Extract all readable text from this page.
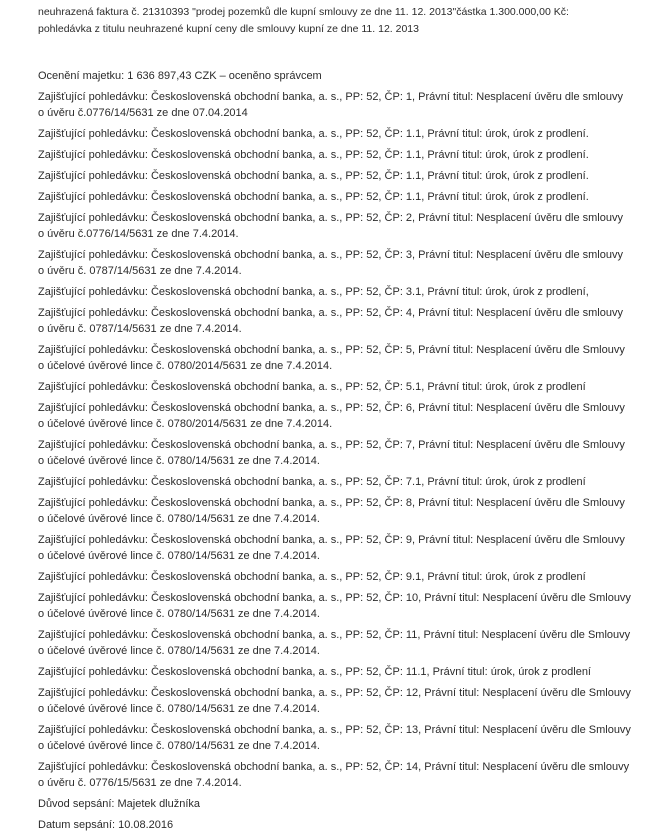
neuhrazená faktura č. 21310393 "prodej pozemků dle kupní smlouvy ze dne 11. 12. 2013"částka 1.300.000,00 Kč:
pohledávka z titulu neuhrazené kupní ceny dle smlouvy kupní ze dne 11. 12. 2013
Ocenění majetku: 1 636 897,43 CZK – oceněno správcem
Zajišťující pohledávku: Československá obchodní banka, a. s., PP: 52, ČP: 1, Právní titul: Nesplacení úvěru dle smlouvy
o úvěru č.0776/14/5631 ze dne 07.04.2014
Zajišťující pohledávku: Československá obchodní banka, a. s., PP: 52, ČP: 1.1, Právní titul: úrok, úrok z prodlení.
Zajišťující pohledávku: Československá obchodní banka, a. s., PP: 52, ČP: 1.1, Právní titul: úrok, úrok z prodlení.
Zajišťující pohledávku: Československá obchodní banka, a. s., PP: 52, ČP: 1.1, Právní titul: úrok, úrok z prodlení.
Zajišťující pohledávku: Československá obchodní banka, a. s., PP: 52, ČP: 1.1, Právní titul: úrok, úrok z prodlení.
Zajišťující pohledávku: Československá obchodní banka, a. s., PP: 52, ČP: 2, Právní titul: Nesplacení úvěru dle smlouvy
o úvěru č.0776/14/5631 ze dne 7.4.2014.
Zajišťující pohledávku: Československá obchodní banka, a. s., PP: 52, ČP: 3, Právní titul: Nesplacení úvěru dle smlouvy
o úvěru č. 0787/14/5631 ze dne 7.4.2014.
Zajišťující pohledávku: Československá obchodní banka, a. s., PP: 52, ČP: 3.1, Právní titul: úrok, úrok z prodlení,
Zajišťující pohledávku: Československá obchodní banka, a. s., PP: 52, ČP: 4, Právní titul: Nesplacení úvěru dle smlouvy
o úvěru č. 0787/14/5631 ze dne 7.4.2014.
Zajišťující pohledávku: Československá obchodní banka, a. s., PP: 52, ČP: 5, Právní titul: Nesplacení úvěru dle Smlouvy
o účelové úvěrové lince č. 0780/2014/5631 ze dne 7.4.2014.
Zajišťující pohledávku: Československá obchodní banka, a. s., PP: 52, ČP: 5.1, Právní titul: úrok, úrok z prodlení
Zajišťující pohledávku: Československá obchodní banka, a. s., PP: 52, ČP: 6, Právní titul: Nesplacení úvěru dle Smlouvy
o účelové úvěrové lince č. 0780/2014/5631 ze dne 7.4.2014.
Zajišťující pohledávku: Československá obchodní banka, a. s., PP: 52, ČP: 7, Právní titul: Nesplacení úvěru dle Smlouvy
o účelové úvěrové lince č. 0780/14/5631 ze dne 7.4.2014.
Zajišťující pohledávku: Československá obchodní banka, a. s., PP: 52, ČP: 7.1, Právní titul: úrok, úrok z prodlení
Zajišťující pohledávku: Československá obchodní banka, a. s., PP: 52, ČP: 8, Právní titul: Nesplacení úvěru dle Smlouvy
o účelové úvěrové lince č. 0780/14/5631 ze dne 7.4.2014.
Zajišťující pohledávku: Československá obchodní banka, a. s., PP: 52, ČP: 9, Právní titul: Nesplacení úvěru dle Smlouvy
o účelové úvěrové lince č. 0780/14/5631 ze dne 7.4.2014.
Zajišťující pohledávku: Československá obchodní banka, a. s., PP: 52, ČP: 9.1, Právní titul: úrok, úrok z prodlení
Zajišťující pohledávku: Československá obchodní banka, a. s., PP: 52, ČP: 10, Právní titul: Nesplacení úvěru dle Smlouvy
o účelové úvěrové lince č. 0780/14/5631 ze dne 7.4.2014.
Zajišťující pohledávku: Československá obchodní banka, a. s., PP: 52, ČP: 11, Právní titul: Nesplacení úvěru dle Smlouvy
o účelové úvěrové lince č. 0780/14/5631 ze dne 7.4.2014.
Zajišťující pohledávku: Československá obchodní banka, a. s., PP: 52, ČP: 11.1, Právní titul: úrok, úrok z prodlení
Zajišťující pohledávku: Československá obchodní banka, a. s., PP: 52, ČP: 12, Právní titul: Nesplacení úvěru dle Smlouvy
o účelové úvěrové lince č. 0780/14/5631 ze dne 7.4.2014.
Zajišťující pohledávku: Československá obchodní banka, a. s., PP: 52, ČP: 13, Právní titul: Nesplacení úvěru dle Smlouvy
o účelové úvěrové lince č. 0780/14/5631 ze dne 7.4.2014.
Zajišťující pohledávku: Československá obchodní banka, a. s., PP: 52, ČP: 14, Právní titul: Nesplacení úvěru dle smlouvy
o úvěru č. 0776/15/5631 ze dne 7.4.2014.
Důvod sepsání: Majetek dlužníka
Datum sepsání: 10.08.2016
